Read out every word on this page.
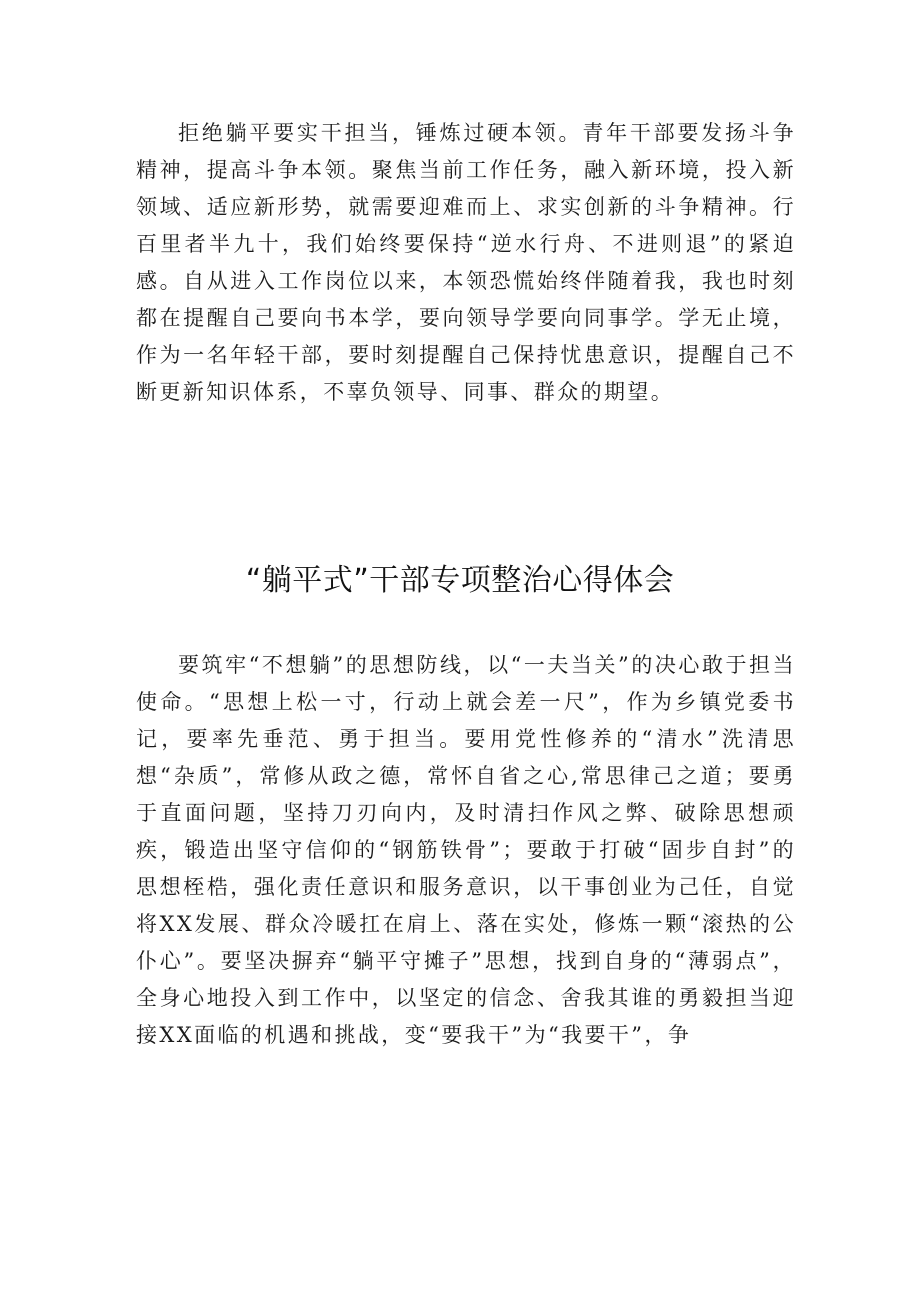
拒绝躺平要实干担当，锤炼过硬本领。青年干部要发扬斗争精神，提高斗争本领。聚焦当前工作任务，融入新环境，投入新领域、适应新形势，就需要迎难而上、求实创新的斗争精神。行百里者半九十，我们始终要保持“逆水行舟、不进则退”的紧迫感。自从进入工作岗位以来，本领恐慌始终伴随着我，我也时刻都在提醒自己要向书本学，要向领导学要向同事学。学无止境，作为一名年轻干部，要时刻提醒自己保持忧患意识，提醒自己不断更新知识体系，不辜负领导、同事、群众的期望。

“躺平式”干部专项整治心得体会

要筑牢“不想躺”的思想防线，以“一夫当关”的决心敢于担当使命。“思想上松一寸，行动上就会差一尺”，作为乡镇党委书记，要率先垂范、勇于担当。要用党性修养的“清水”洗清思想“杂质”，常修从政之德，常怀自省之心,常思律己之道；要勇于直面问题，坚持刀刃向内，及时清扫作风之弊、破除思想顽疾，锻造出坚守信仰的“钢筋铁骨”；要敢于打破“固步自封”的思想桎梏，强化责任意识和服务意识，以干事创业为己任，自觉将XX发展、群众冷暖扛在肩上、落在实处，修炼一颗“滚热的公仆心”。要坚决摒弃“躺平守摊子”思想，找到自身的“薄弱点”，全身心地投入到工作中，以坚定的信念、舍我其谁的勇毅担当迎接XX面临的机遇和挑战，变“要我干”为“我要干”，争
